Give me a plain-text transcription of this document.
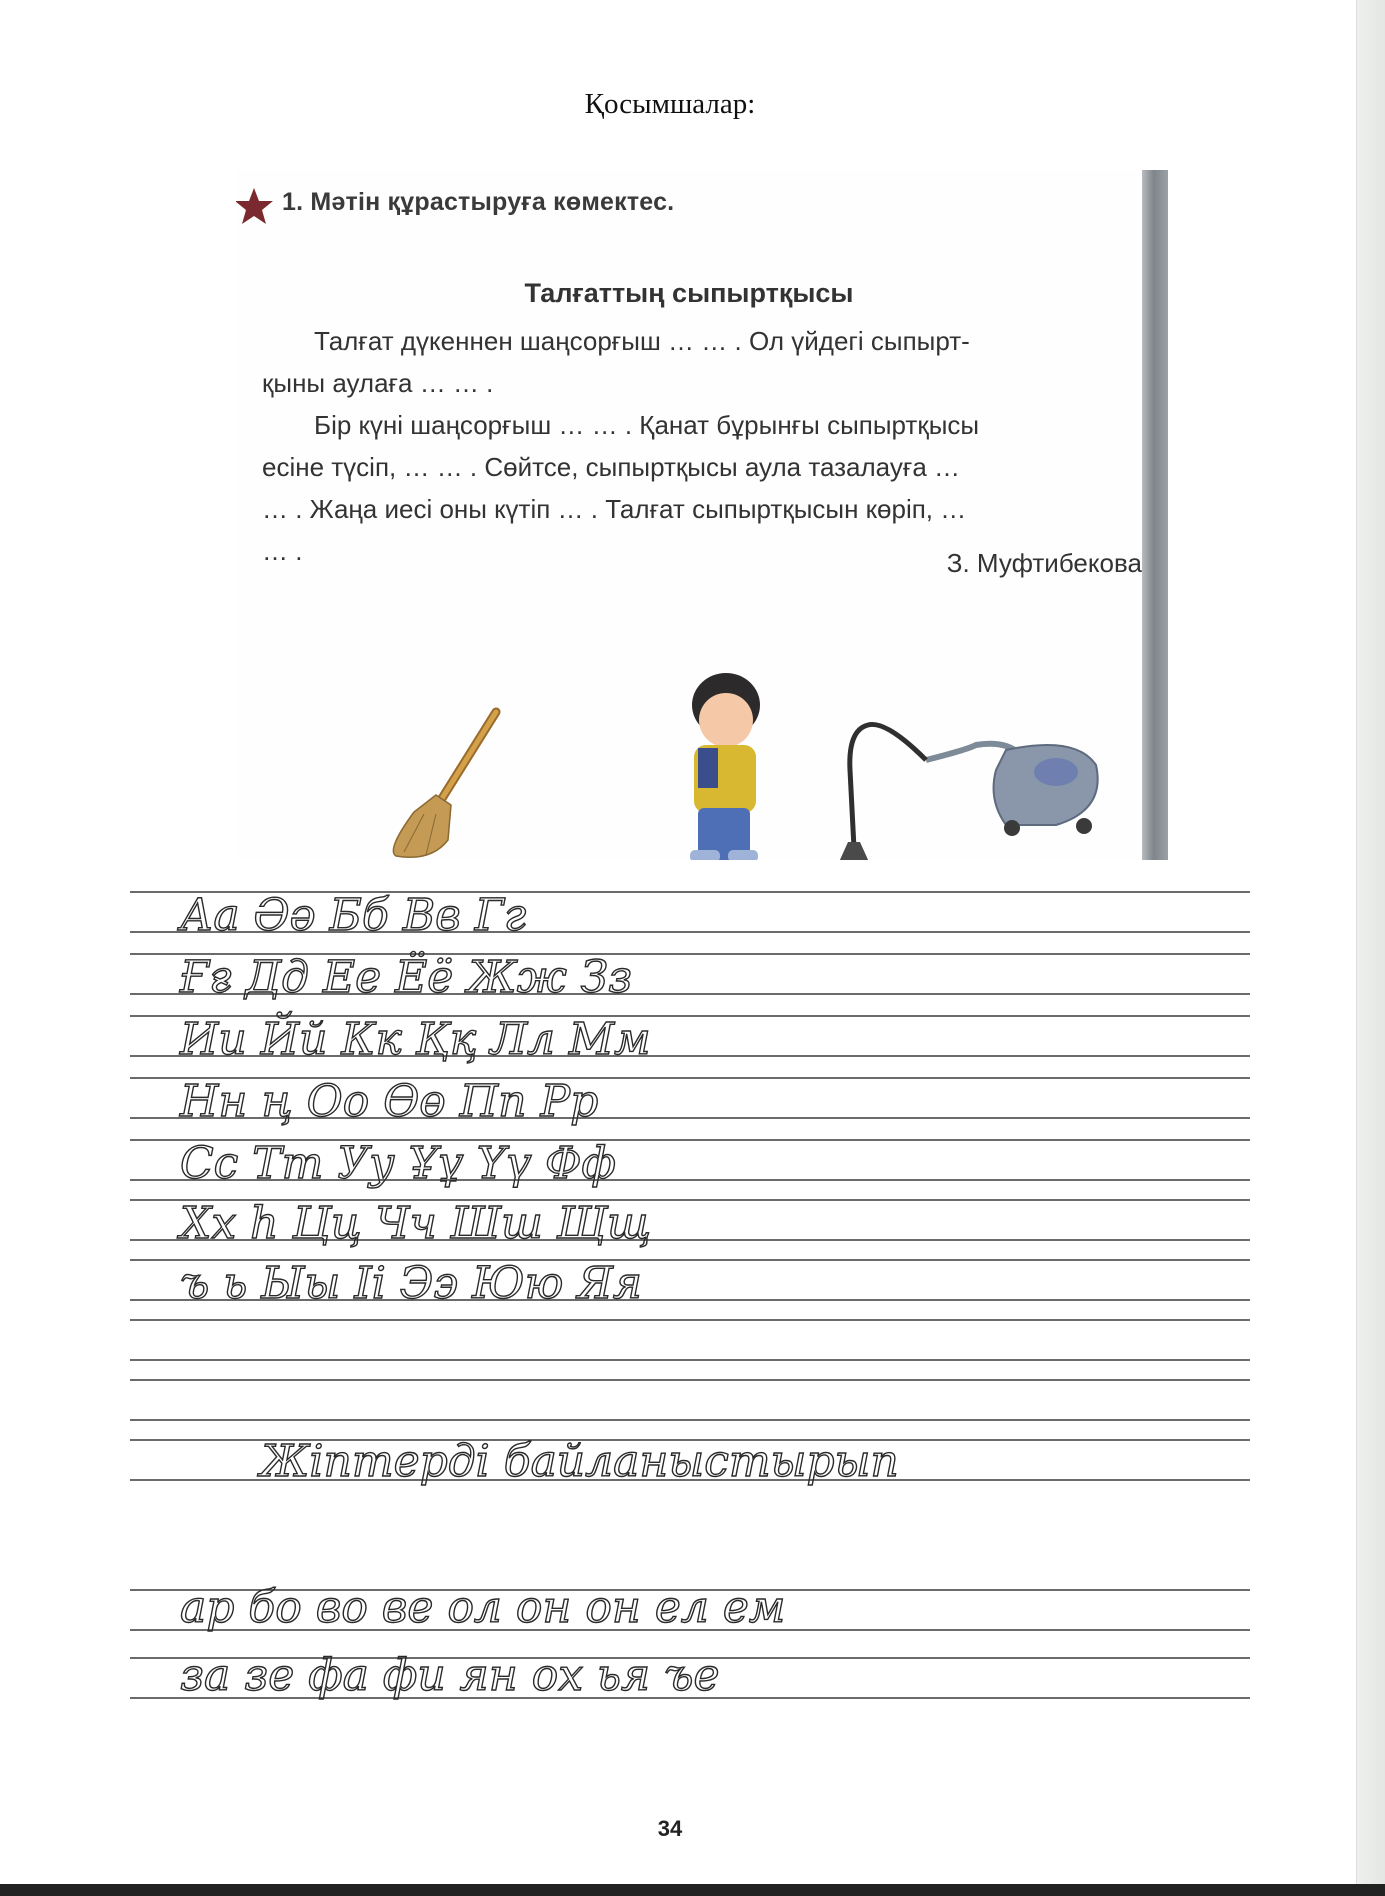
Қосымшалар:
1. Мәтін құрастыруға көмектес.
Талғаттың сыпыртқысы
Талғат дүкеннен шаңсорғыш … … . Ол үйдегі сыпырт-
қыны аулаға … … .
Бір күні шаңсорғыш … … . Қанат бұрынғы сыпыртқысы
есіне түсіп, … … . Сөйтсе, сыпыртқысы аула тазалауға …
… . Жаңа иесі оны күтіп … . Талғат сыпыртқысын көріп, …
… .	З. Муфтибекова
Аа Әә Бб Вв Гг
Ғғ Дд Ее Ёё Жж Зз
Ии Йй Кк Ққ Лл Мм
Нн ң Оо Өө Пп Рр
Сс Тт Уу Ұұ Үү Фф
Хх һ Цц Чч Шш Щщ
ъ ь Ыы Іі Ээ Юю Яя
Жіптерді байланыстырып
ар бо во ве ол он он ел ем
за зе фа фи ян ох ья ъе
34
